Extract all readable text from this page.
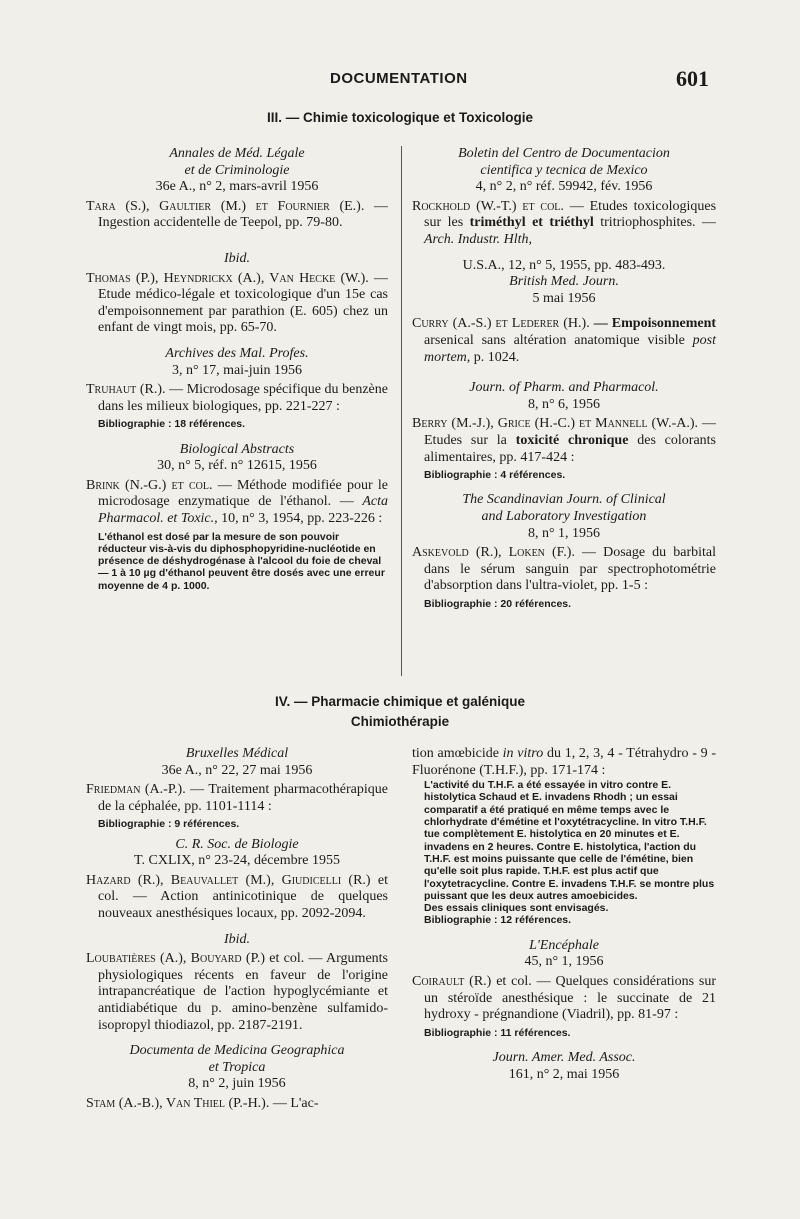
DOCUMENTATION	601
III. — Chimie toxicologique et Toxicologie
Annales de Méd. Légale
et de Criminologie
36e A., n° 2, mars-avril 1956
Tara (S.), Gaultier (M.) et Fournier (E.). —Ingestion accidentelle de Teepol, pp. 79-80.
Ibid.
Thomas (P.), Heyndrickx (A.), Van Hecke (W.). — Etude médico-légale et toxicologique d'un 15e cas d'empoisonnement par parathion (E. 605) chez un enfant de vingt mois, pp. 65-70.
Archives des Mal. Profes.
3, n° 17, mai-juin 1956
Truhaut (R.). — Microdosage spécifique du benzène dans les milieux biologiques, pp. 221-227 :
Bibliographie : 18 références.
Biological Abstracts
30, n° 5, réf. n° 12615, 1956
Brink (N.-G.) et col. — Méthode modifiée pour le microdosage enzymatique de l'éthanol. — Acta Pharmacol. et Toxic., 10, n° 3, 1954, pp. 223-226 :
L'éthanol est dosé par la mesure de son pouvoir réducteur vis-à-vis du diphosphopyridine-nucléotide en présence de déshydrogénase à l'alcool du foie de cheval — 1 à 10 µg d'éthanol peuvent être dosés avec une erreur moyenne de 4 p. 1000.
Boletin del Centro de Documentacion
cientifica y tecnica de Mexico
4, n° 2, n° réf. 59942, fév. 1956
Rockhold (W.-T.) et col. — Etudes toxicologiques sur les triméthyl et triéthyl tritriophosphites. — Arch. Industr. Hlth,
U.S.A., 12, n° 5, 1955, pp. 483-493.
British Med. Journ.
5 mai 1956
Curry (A.-S.) et Lederer (H.). — Empoisonnement arsenical sans altération anatomique visible post mortem, p. 1024.
Journ. of Pharm. and Pharmacol.
8, n° 6, 1956
Berry (M.-J.), Grice (H.-C.) et Mannell (W.-A.). — Etudes sur la toxicité chronique des colorants alimentaires, pp. 417-424 :
Bibliographie : 4 références.
The Scandinavian Journ. of Clinical
and Laboratory Investigation
8, n° 1, 1956
Askevold (R.), Loken (F.). — Dosage du barbital dans le sérum sanguin par spectrophotométrie d'absorption dans l'ultra-violet, pp. 1-5 :
Bibliographie : 20 références.
IV. — Pharmacie chimique et galénique
Chimiothérapie
Bruxelles Médical
36e A., n° 22, 27 mai 1956
Friedman (A.-P.). — Traitement pharmacothérapique de la céphalée, pp. 1101-1114 :
Bibliographie : 9 références.
C. R. Soc. de Biologie
T. CXLIX, n° 23-24, décembre 1955
Hazard (R.), Beauvallet (M.), Giudicelli (R.) et col. — Action antinicotinique de quelques nouveaux anesthésiques locaux, pp. 2092-2094.
Ibid.
Loubatières (A.), Bouyard (P.) et col. — Arguments physiologiques récents en faveur de l'origine intrapancréatique de l'action hypoglycémiante et antidiabétique du p. amino-benzène sulfamido-isopropyl thiodiazol, pp. 2187-2191.
Documenta de Medicina Geographica
et Tropica
8, n° 2, juin 1956
Stam (A.-B.), Van Thiel (P.-H.). — L'ac-
tion amœbicide in vitro du 1, 2, 3, 4 - Tétrahydro - 9 - Fluorénone (T.H.F.), pp. 171-174 :
L'activité du T.H.F. a été essayée in vitro contre E. histolytica Schaud et E. invadens Rhodh ; un essai comparatif a été pratiqué en même temps avec le chlorhydrate d'émétine et l'oxytétracycline. In vitro T.H.F. tue complètement E. histolytica en 20 minutes et E. invadens en 2 heures. Contre E. histolytica, l'action du T.H.F. est moins puissante que celle de l'émétine, bien qu'elle soit plus rapide. T.H.F. est plus actif que l'oxytetracycline. Contre E. invadens T.H.F. se montre plus puissant que les deux autres amoebicides.
Des essais cliniques sont envisagés.
Bibliographie : 12 références.
L'Encéphale
45, n° 1, 1956
Coirault (R.) et col. — Quelques considérations sur un stéroïde anesthésique : le succinate de 21 hydroxy - prégnandione (Viadril), pp. 81-97 :
Bibliographie : 11 références.
Journ. Amer. Med. Assoc.
161, n° 2, mai 1956
